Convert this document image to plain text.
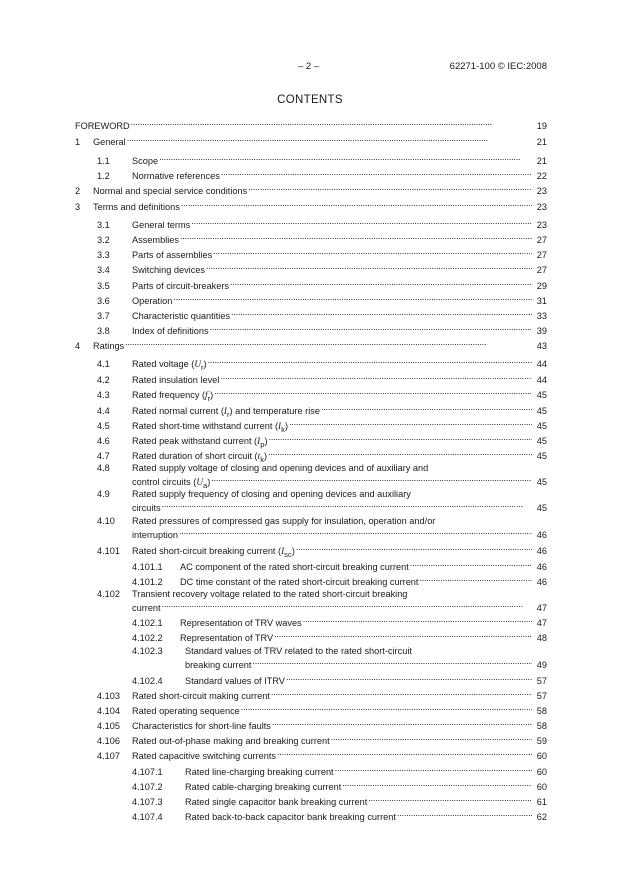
– 2 –	62271-100 © IEC:2008
CONTENTS
FOREWORD . . .	19
1	General . . .	21
1.1	Scope . . .	21
1.2	Normative references . . .	22
2	Normal and special service conditions . . .	23
3	Terms and definitions . . .	23
3.1	General terms . . .	23
3.2	Assemblies . . .	27
3.3	Parts of assemblies . . .	27
3.4	Switching devices . . .	27
3.5	Parts of circuit-breakers . . .	29
3.6	Operation . . .	31
3.7	Characteristic quantities . . .	33
3.8	Index of definitions . . .	39
4	Ratings . . .	43
4.1	Rated voltage $(U_r)$ . . .	44
4.2	Rated insulation level . . .	44
4.3	Rated frequency $(f_r)$ . . .	45
4.4	Rated normal current $(I_r)$ and temperature rise . . .	45
4.5	Rated short-time withstand current $(I_k)$ . . .	45
4.6	Rated peak withstand current $(I_p)$ . . .	45
4.7	Rated duration of short circuit $(t_k)$ . . .	45
4.8 Rated supply voltage of closing and opening devices and of auxiliary and
control circuits $(U_a)$ . . .	45
4.9 Rated supply frequency of closing and opening devices and auxiliary
circuits . . .	45
4.10 Rated pressures of compressed gas supply for insulation, operation and/or
interruption . . .	46
4.101	Rated short-circuit breaking current $(I_{sc})$ . . .	46
4.101.1	AC component of the rated short-circuit breaking current . . .	46
4.101.2	DC time constant of the rated short-circuit breaking current . . .	46
4.102 Transient recovery voltage related to the rated short-circuit breaking
current . . .	47
4.102.1	Representation of TRV waves . . .	47
4.102.2	Representation of TRV . . .	48
4.102.3 Standard values of TRV related to the rated short-circuit
breaking current . . .	49
4.102.4	Standard values of ITRV . . .	57
4.103	Rated short-circuit making current . . .	57
4.104	Rated operating sequence . . .	58
4.105	Characteristics for short-line faults . . .	58
4.106	Rated out-of-phase making and breaking current . . .	59
4.107	Rated capacitive switching currents . . .	60
4.107.1	Rated line-charging breaking current . . .	60
4.107.2	Rated cable-charging breaking current . . .	60
4.107.3	Rated single capacitor bank breaking current . . .	61
4.107.4	Rated back-to-back capacitor bank breaking current . . .	62
